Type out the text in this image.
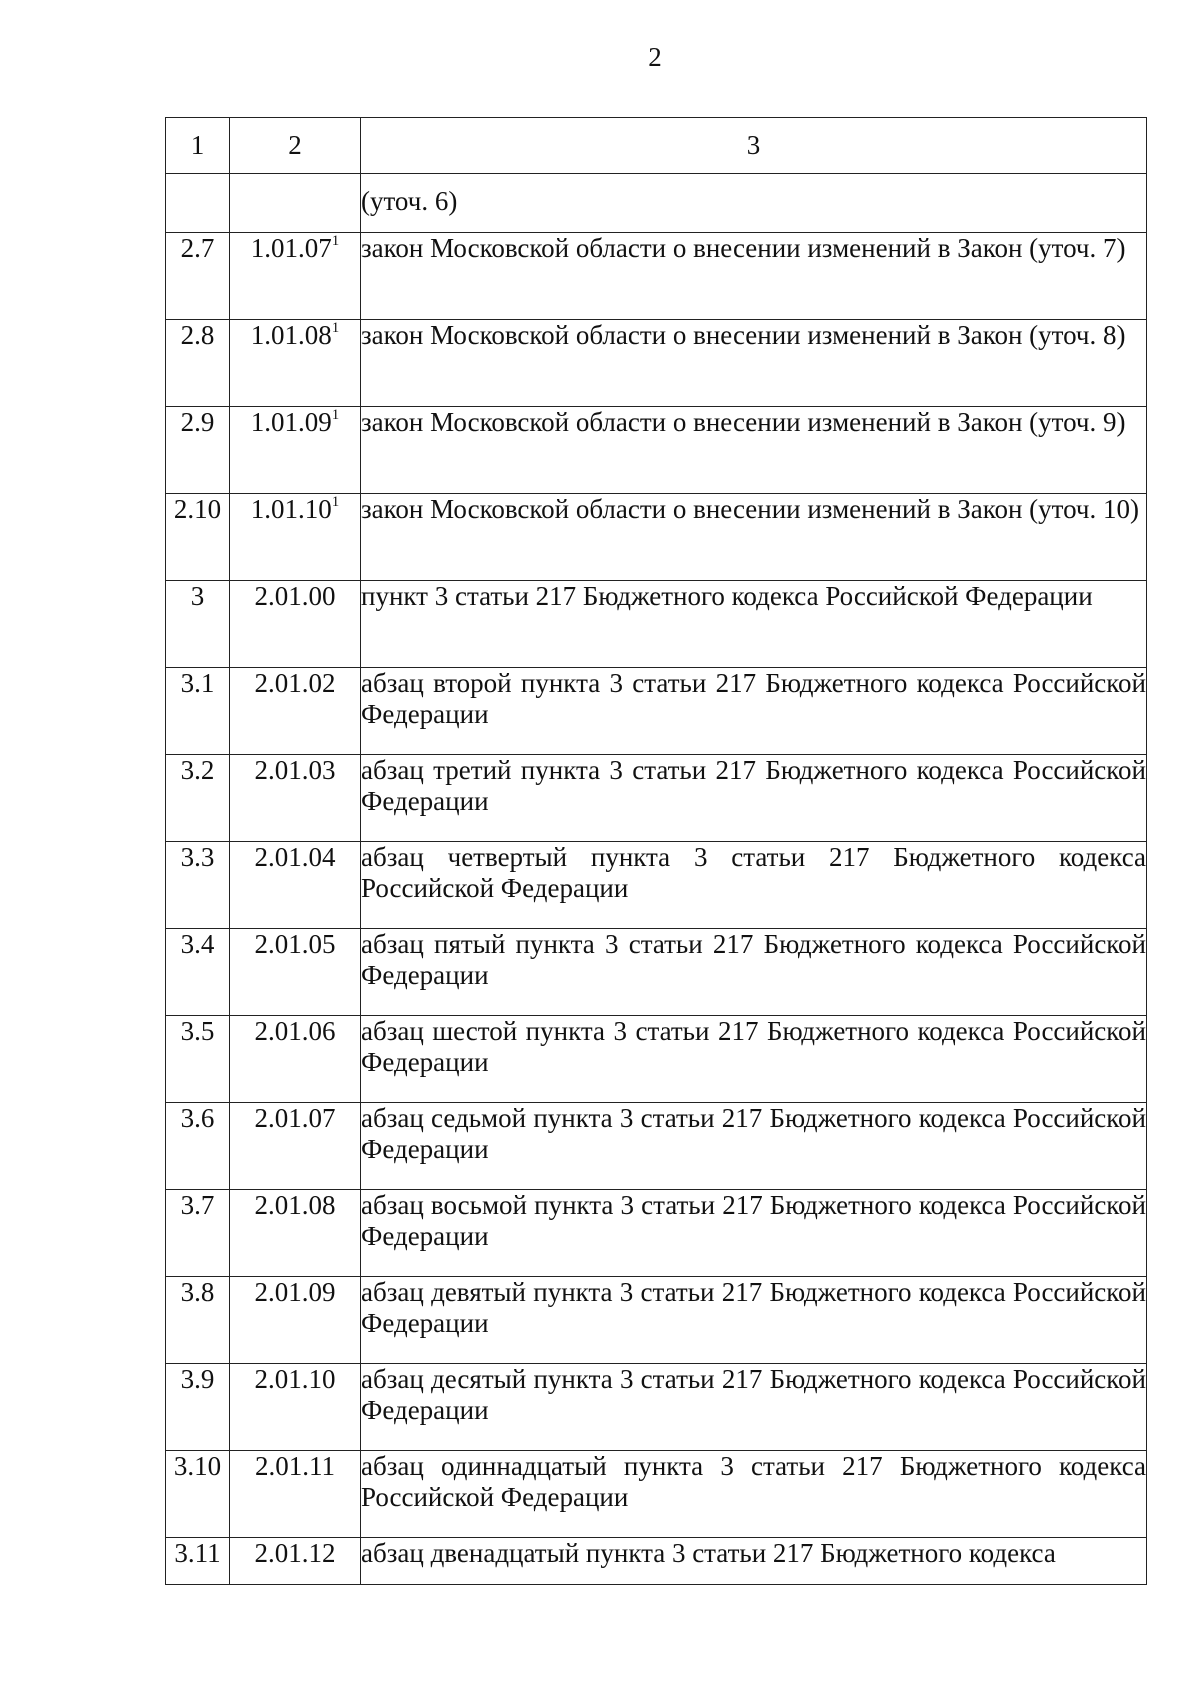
2
1	2	3
		(уточ. 6)
2.7	1.01.07$^1$	закон Московской области о внесении изменений в Закон (уточ. 7)
2.8	1.01.08$^1$	закон Московской области о внесении изменений в Закон (уточ. 8)
2.9	1.01.09$^1$	закон Московской области о внесении изменений в Закон (уточ. 9)
2.10	1.01.10$^1$	закон Московской области о внесении изменений в Закон (уточ. 10)
3	2.01.00	пункт 3 статьи 217 Бюджетного кодекса Российской Федерации
3.1	2.01.02	абзац второй пункта 3 статьи 217 Бюджетного кодекса Российской Федерации
3.2	2.01.03	абзац третий пункта 3 статьи 217 Бюджетного кодекса Российской Федерации
3.3	2.01.04	абзац четвертый пункта 3 статьи 217 Бюджетного кодекса Российской Федерации
3.4	2.01.05	абзац пятый пункта 3 статьи 217 Бюджетного кодекса Российской Федерации
3.5	2.01.06	абзац шестой пункта 3 статьи 217 Бюджетного кодекса Российской Федерации
3.6	2.01.07	абзац седьмой пункта 3 статьи 217 Бюджетного кодекса Российской Федерации
3.7	2.01.08	абзац восьмой пункта 3 статьи 217 Бюджетного кодекса Российской Федерации
3.8	2.01.09	абзац девятый пункта 3 статьи 217 Бюджетного кодекса Российской Федерации
3.9	2.01.10	абзац десятый пункта 3 статьи 217 Бюджетного кодекса Российской Федерации
3.10	2.01.11	абзац одиннадцатый пункта 3 статьи 217 Бюджетного кодекса Российской Федерации
3.11	2.01.12	абзац двенадцатый пункта 3 статьи 217 Бюджетного кодекса
